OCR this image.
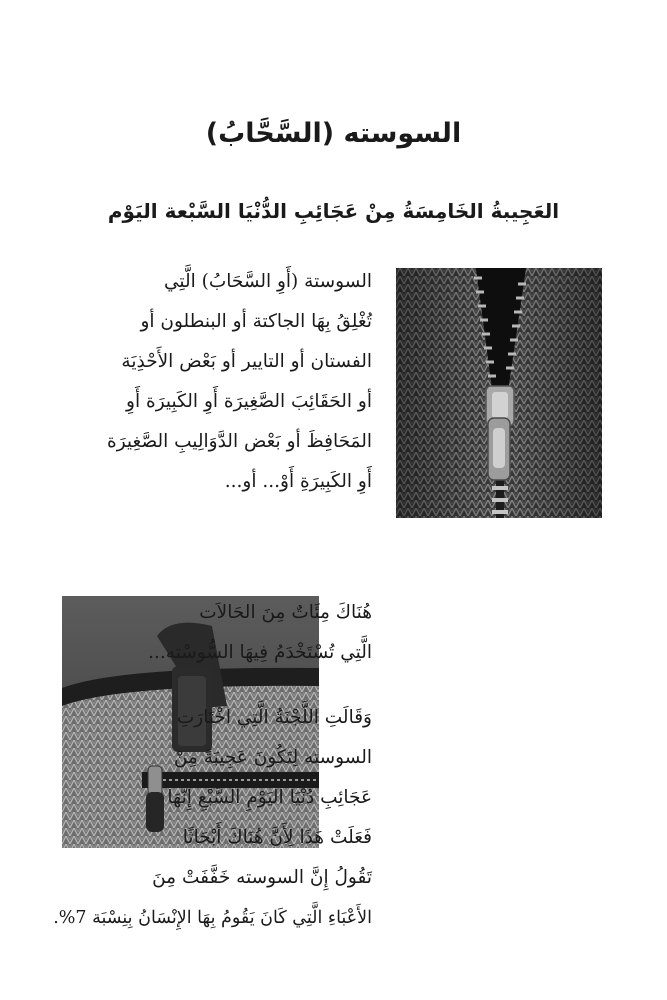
السوسته (السَّحَّابُ)
العَجِيبةُ الخَامِسَةُ مِنْ عَجَائِبِ الدُّنْيَا السَّبْعة اليَوْم
السوستة (أَوِ السَّحَابُ) الَّتِي
تُغْلِقُ بِهَا الجاكتة أو البنطلون أو
الفستان أو التايير أو بَعْض الأَحْذِيَة
أو الحَقَائِبَ الصَّغِيرَة أَوِ الكَبِيرَة أَوِ
المَحَافِظَ أو بَعْض الدَّوَالِيبِ الصَّغِيرَة
أَوِ الكَبِيرَةِ أَوْ... أو...
هُنَاكَ مِئَاتٌ مِنَ الحَالاَت
الَّتِي تُسْتَخْدَمُ فِيهَا السُّوسْته...
وَقَالَتِ اللَّجْنَةُ الَّتِي اخْتَارَتِ
السوسته لِتَكُونَ عَجِيبَةً مِنْ
عَجَائِبِ دُنْيَا اليَوْمِ السَّبْعِ إِنَّهَا
فَعَلَتْ هَذَا لِأَنَّ هُنَاكَ أَبْحَاثًا
تَقُولُ إِنَّ السوسته خَفَّفَتْ مِنَ
الأَعْبَاءِ الَّتِي كَانَ يَقُومُ بِهَا الإِنْسَانُ بِنِسْبَة 7%.
